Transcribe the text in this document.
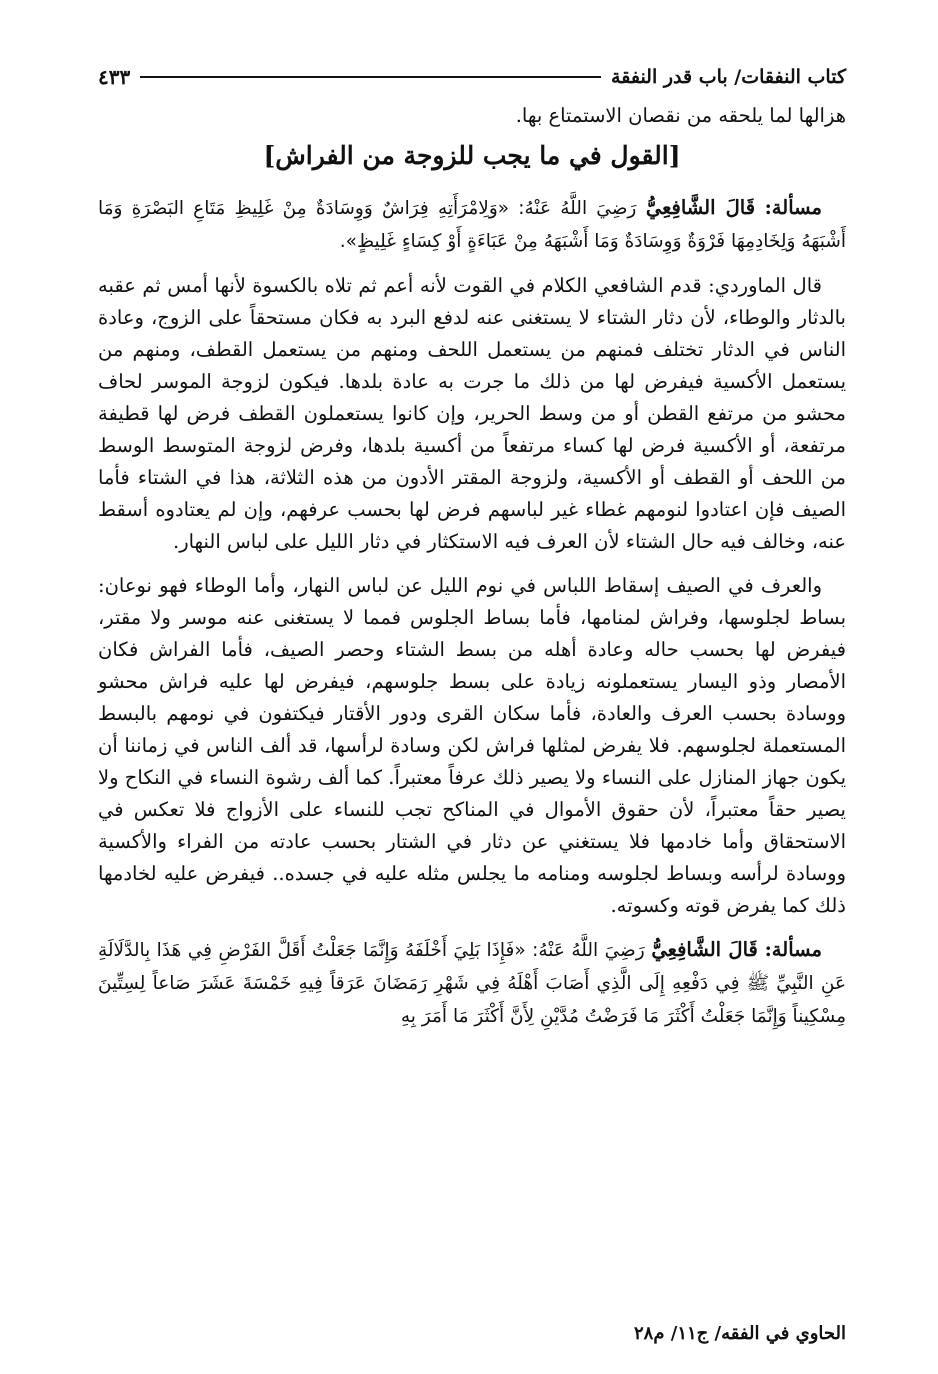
كتاب النفقات/ باب قدر النفقة
٤٣٣

هزالها لما يلحقه من نقصان الاستمتاع بها.

[القول في ما يجب للزوجة من الفراش]

مسألة: قَالَ الشَّافِعِيُّ رَضِيَ اللَّهُ عَنْهُ: «وَلِامْرَأَتِهِ فِرَاشٌ وَوِسَادَةٌ مِنْ غَلِيظِ مَتَاعِ البَصْرَةِ وَمَا أَشْبَهَهُ وَلِخَادِمِهَا فَرْوَةٌ وَوِسَادَةٌ وَمَا أَشْبَهَهُ مِنْ عَبَاءَةٍ أَوْ كِسَاءٍ غَلِيظٍ».

قال الماوردي: قدم الشافعي الكلام في القوت لأنه أعم ثم تلاه بالكسوة لأنها أمس ثم عقبه بالدثار والوطاء، لأن دثار الشتاء لا يستغنى عنه لدفع البرد به فكان مستحقاً على الزوج، وعادة الناس في الدثار تختلف فمنهم من يستعمل اللحف ومنهم من يستعمل القطف، ومنهم من يستعمل الأكسية فيفرض لها من ذلك ما جرت به عادة بلدها. فيكون لزوجة الموسر لحاف محشو من مرتفع القطن أو من وسط الحرير، وإن كانوا يستعملون القطف فرض لها قطيفة مرتفعة، أو الأكسية فرض لها كساء مرتفعاً من أكسية بلدها، وفرض لزوجة المتوسط الوسط من اللحف أو القطف أو الأكسية، ولزوجة المقتر الأدون من هذه الثلاثة، هذا في الشتاء فأما الصيف فإن اعتادوا لنومهم غطاء غير لباسهم فرض لها بحسب عرفهم، وإن لم يعتادوه أسقط عنه، وخالف فيه حال الشتاء لأن العرف فيه الاستكثار في دثار الليل على لباس النهار.

والعرف في الصيف إسقاط اللباس في نوم الليل عن لباس النهار، وأما الوطاء فهو نوعان: بساط لجلوسها، وفراش لمنامها، فأما بساط الجلوس فمما لا يستغنى عنه موسر ولا مقتر، فيفرض لها بحسب حاله وعادة أهله من بسط الشتاء وحصر الصيف، فأما الفراش فكان الأمصار وذو اليسار يستعملونه زيادة على بسط جلوسهم، فيفرض لها عليه فراش محشو ووسادة بحسب العرف والعادة، فأما سكان القرى ودور الأقتار فيكتفون في نومهم بالبسط المستعملة لجلوسهم. فلا يفرض لمثلها فراش لكن وسادة لرأسها، قد ألف الناس في زماننا أن يكون جهاز المنازل على النساء ولا يصير ذلك عرفاً معتبراً. كما ألف رشوة النساء في النكاح ولا يصير حقاً معتبراً، لأن حقوق الأموال في المناكح تجب للنساء على الأزواج فلا تعكس في الاستحقاق وأما خادمها فلا يستغني عن دثار في الشتار بحسب عادته من الفراء والأكسية ووسادة لرأسه وبساط لجلوسه ومنامه ما يجلس مثله عليه في جسده.. فيفرض عليه لخادمها ذلك كما يفرض قوته وكسوته.

مسألة: قَالَ الشَّافِعِيُّ رَضِيَ اللَّهُ عَنْهُ: «فَإِذَا بَلِيَ أَخْلَفَهُ وَإِنَّمَا جَعَلْتُ أَقَلَّ الفَرْضِ فِي هَذَا بِالدَّلَالَةِ عَنِ النَّبِيِّ ﷺ فِي دَفْعِهِ إِلَى الَّذِي أَصَابَ أَهْلَهُ فِي شَهْرِ رَمَضَانَ عَرَقاً فِيهِ خَمْسَةَ عَشَرَ صَاعاً لِسِتِّينَ مِسْكِيناً وَإِنَّمَا جَعَلْتُ أَكْثَرَ مَا فَرَضْتُ مُدَّيْنِ لِأَنَّ أَكْثَرَ مَا أَمَرَ بِهِ

الحاوي في الفقه/ ج١١/ م٢٨
